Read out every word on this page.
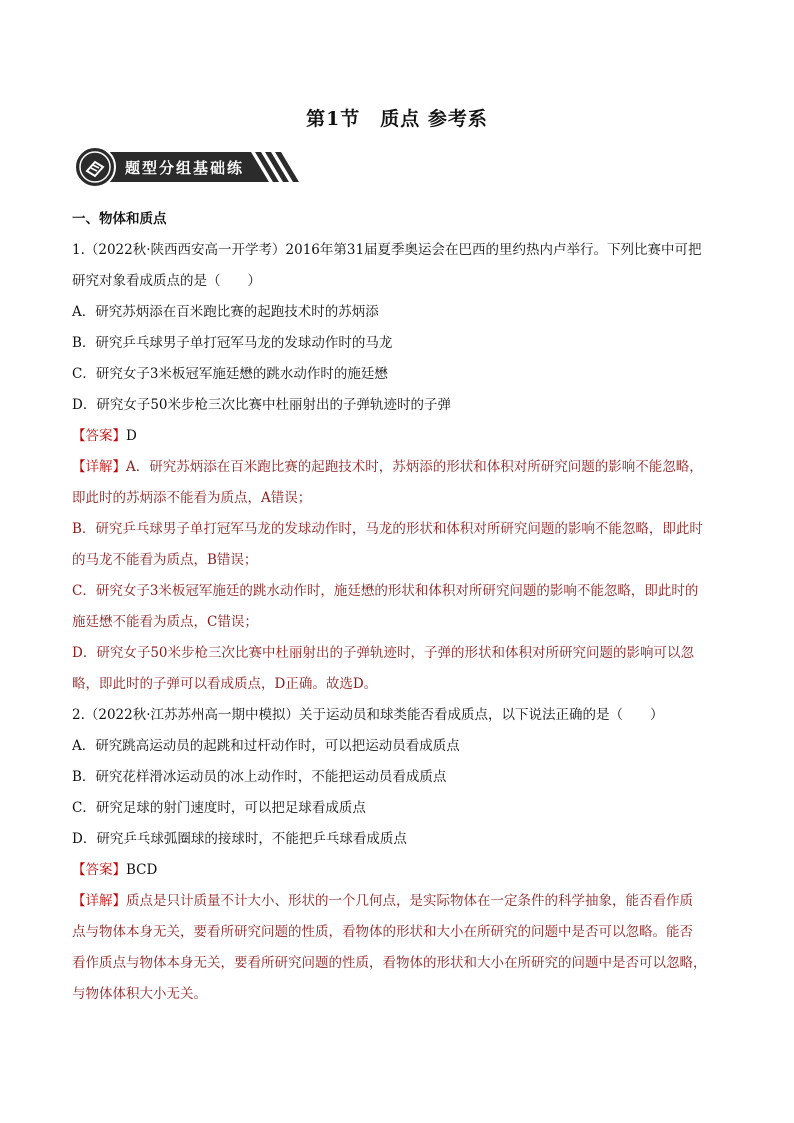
第1节　质点 参考系
题型分组基础练

一、物体和质点

1.（2022秋·陕西西安高一开学考）2016年第31届夏季奥运会在巴西的里约热内卢举行。下列比赛中可把

研究对象看成质点的是（　　）

A．研究苏炳添在百米跑比赛的起跑技术时的苏炳添

B．研究乒乓球男子单打冠军马龙的发球动作时的马龙

C．研究女子3米板冠军施廷懋的跳水动作时的施廷懋

D．研究女子50米步枪三次比赛中杜丽射出的子弹轨迹时的子弹

【答案】D

【详解】A．研究苏炳添在百米跑比赛的起跑技术时，苏炳添的形状和体积对所研究问题的影响不能忽略，

即此时的苏炳添不能看为质点，A错误；

B．研究乒乓球男子单打冠军马龙的发球动作时，马龙的形状和体积对所研究问题的影响不能忽略，即此时

的马龙不能看为质点，B错误；

C．研究女子3米板冠军施廷的跳水动作时，施廷懋的形状和体积对所研究问题的影响不能忽略，即此时的

施廷懋不能看为质点，C错误；

D．研究女子50米步枪三次比赛中杜丽射出的子弹轨迹时，子弹的形状和体积对所研究问题的影响可以忽

略，即此时的子弹可以看成质点，D正确。故选D。

2.（2022秋·江苏苏州高一期中模拟）关于运动员和球类能否看成质点，以下说法正确的是（　　）

A．研究跳高运动员的起跳和过杆动作时，可以把运动员看成质点

B．研究花样滑冰运动员的冰上动作时，不能把运动员看成质点

C．研究足球的射门速度时，可以把足球看成质点

D．研究乒乓球弧圈球的接球时，不能把乒乓球看成质点

【答案】BCD

【详解】质点是只计质量不计大小、形状的一个几何点，是实际物体在一定条件的科学抽象，能否看作质

点与物体本身无关，要看所研究问题的性质，看物体的形状和大小在所研究的问题中是否可以忽略。能否

看作质点与物体本身无关，要看所研究问题的性质，看物体的形状和大小在所研究的问题中是否可以忽略，

与物体体积大小无关。
